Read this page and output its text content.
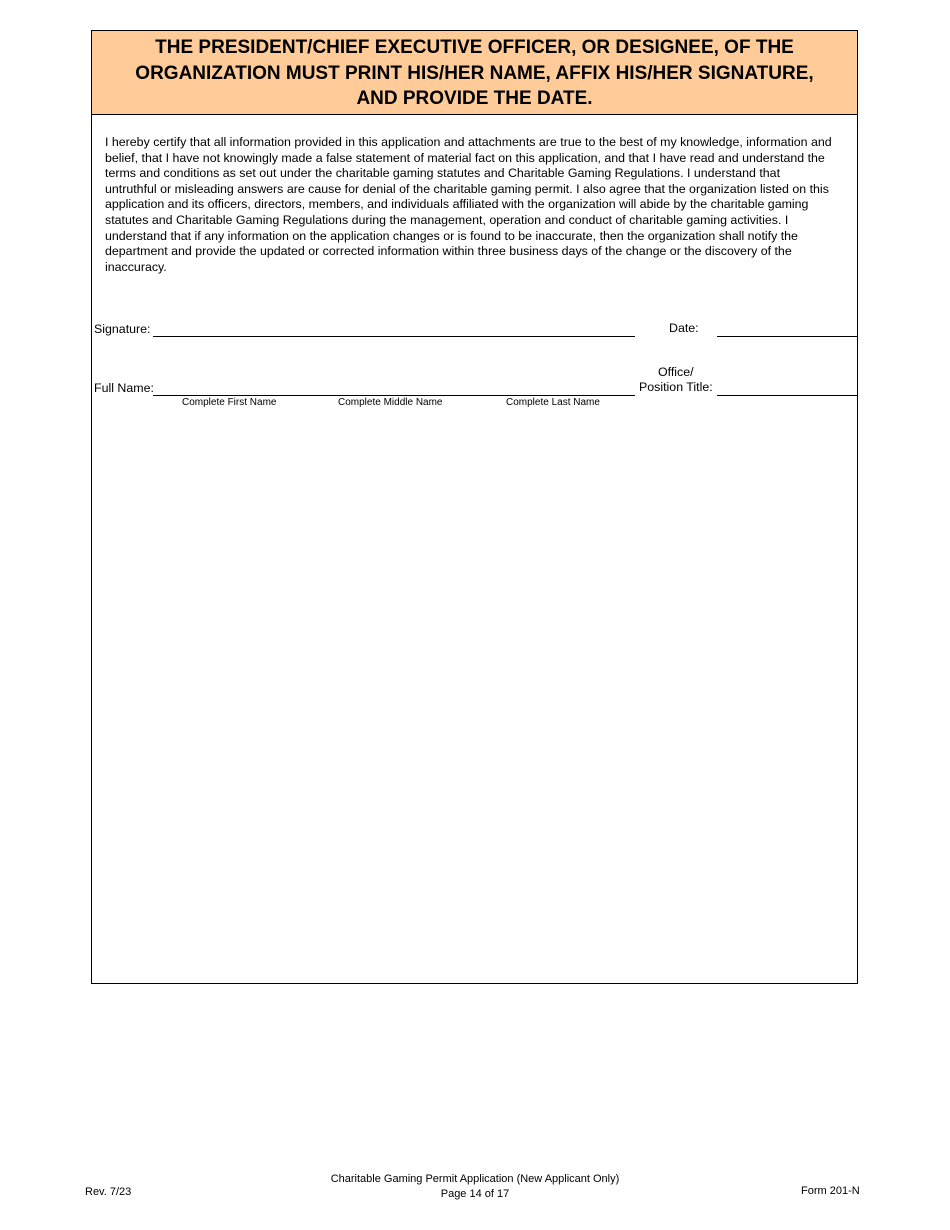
THE PRESIDENT/CHIEF EXECUTIVE OFFICER, OR DESIGNEE, OF THE
ORGANIZATION MUST PRINT HIS/HER NAME, AFFIX HIS/HER SIGNATURE,
AND PROVIDE THE DATE.

I hereby certify that all information provided in this application and attachments are true to the best of my knowledge, information and
belief, that I have not knowingly made a false statement of material fact on this application, and that I have read and understand the
terms and conditions as set out under the charitable gaming statutes and Charitable Gaming Regulations. I understand that
untruthful or misleading answers are cause for denial of the charitable gaming permit. I also agree that the organization listed on this
application and its officers, directors, members, and individuals affiliated with the organization will abide by the charitable gaming
statutes and Charitable Gaming Regulations during the management, operation and conduct of charitable gaming activities. I
understand that if any information on the application changes or is found to be inaccurate, then the organization shall notify the
department and provide the updated or corrected information within three business days of the change or the discovery of the
inaccuracy.

Signature:	Date:
Full Name:
Office/
Position Title:
Complete First Name	Complete Middle Name	Complete Last Name
Rev. 7/23
Charitable Gaming Permit Application (New Applicant Only)
Page 14 of 17	Form 201-N
